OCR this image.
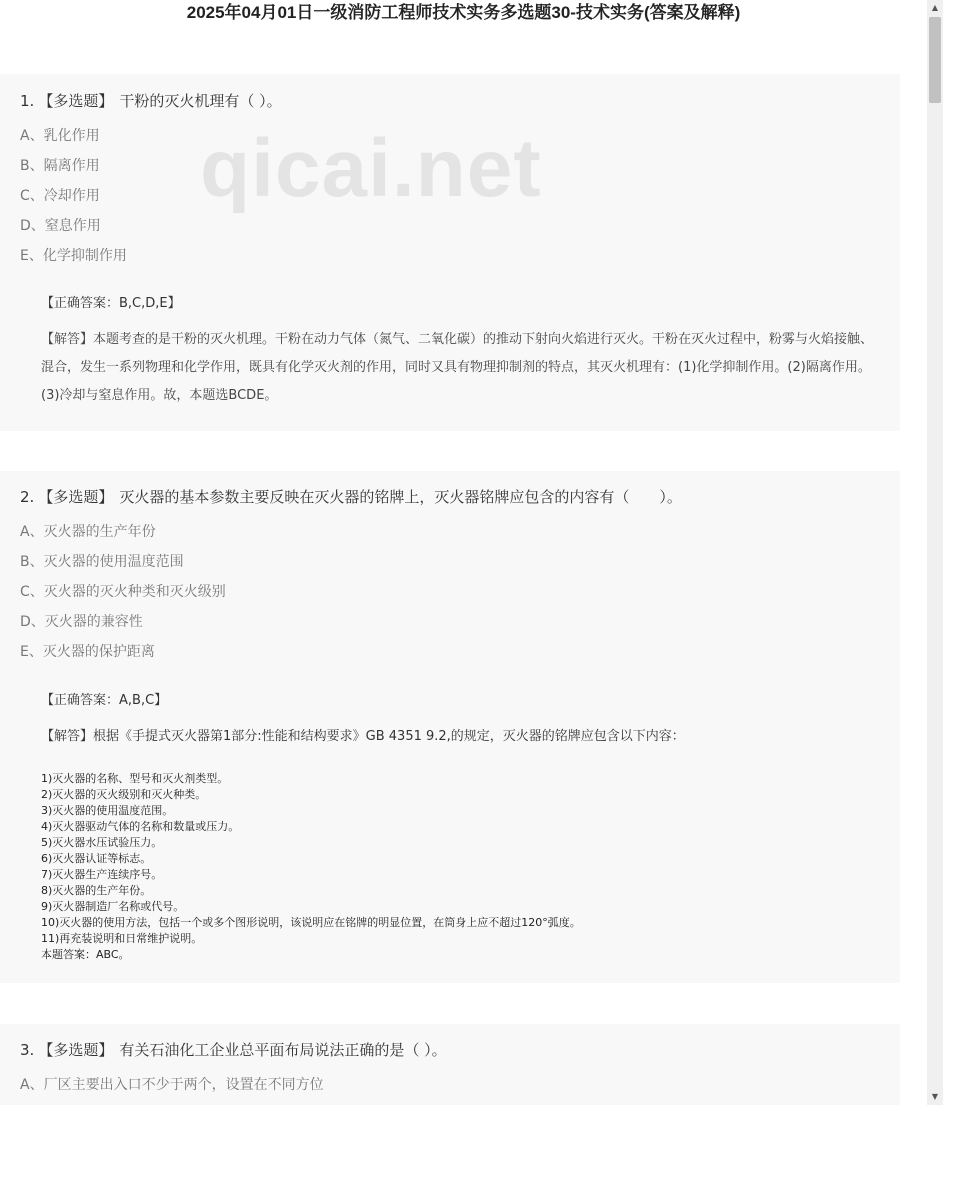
2025年04月01日一级消防工程师技术实务多选题30-技术实务(答案及解释)
1. 【多选题】 干粉的灭火机理有（ ）。
A、乳化作用
B、隔离作用
C、冷却作用
D、窒息作用
E、化学抑制作用
【正确答案：B,C,D,E】
【解答】本题考查的是干粉的灭火机理。干粉在动力气体（氮气、二氧化碳）的推动下射向火焰进行灭火。干粉在灭火过程中，粉雾与火焰接触、混合，发生一系列物理和化学作用，既具有化学灭火剂的作用，同时又具有物理抑制剂的特点，其灭火机理有：(1)化学抑制作用。(2)隔离作用。(3)冷却与窒息作用。故，本题选BCDE。
2. 【多选题】 灭火器的基本参数主要反映在灭火器的铭牌上，灭火器铭牌应包含的内容有（　　）。
A、灭火器的生产年份
B、灭火器的使用温度范围
C、灭火器的灭火种类和灭火级别
D、灭火器的兼容性
E、灭火器的保护距离
【正确答案：A,B,C】
【解答】根据《手提式灭火器第1部分:性能和结构要求》GB 4351 9.2,的规定，灭火器的铭牌应包含以下内容：
1)灭火器的名称、型号和灭火剂类型。
2)灭火器的灭火级别和灭火种类。
3)灭火器的使用温度范围。
4)灭火器驱动气体的名称和数量或压力。
5)灭火器水压试验压力。
6)灭火器认证等标志。
7)灭火器生产连续序号。
8)灭火器的生产年份。
9)灭火器制造厂名称或代号。
10)灭火器的使用方法，包括一个或多个图形说明，该说明应在铭牌的明显位置，在筒身上应不超过120°弧度。
11)再充装说明和日常维护说明。
本题答案：ABC。
3. 【多选题】 有关石油化工企业总平面布局说法正确的是（ ）。
A、厂区主要出入口不少于两个，设置在不同方位
qicai.net
▲
▼
